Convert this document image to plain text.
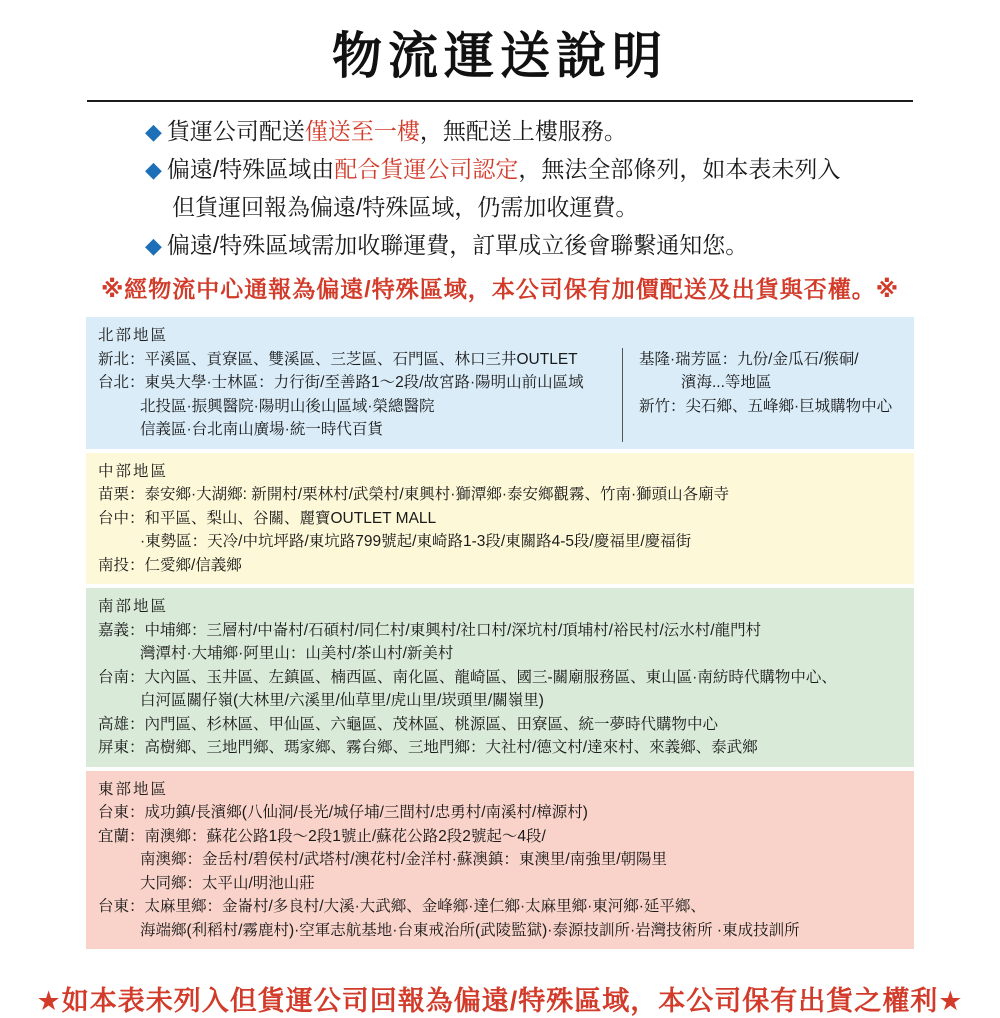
物流運送說明
◆ 貨運公司配送僅送至一樓，無配送上樓服務。
◆ 偏遠/特殊區域由配合貨運公司認定，無法全部條列，如本表未列入
但貨運回報為偏遠/特殊區域，仍需加收運費。
◆ 偏遠/特殊區域需加收聯運費，訂單成立後會聯繫通知您。
※經物流中心通報為偏遠/特殊區域，本公司保有加價配送及出貨與否權。※
北部地區
新北：平溪區、貢寮區、雙溪區、三芝區、石門區、林口三井OUTLET
台北：東吳大學·士林區：力行街/至善路1～2段/故宮路·陽明山前山區域
北投區·振興醫院·陽明山後山區域·榮總醫院
信義區·台北南山廣場·統一時代百貨
基隆·瑞芳區：九份/金瓜石/猴硐/
濱海...等地區
新竹：尖石鄉、五峰鄉·巨城購物中心
中部地區
苗栗：泰安鄉·大湖鄉: 新開村/栗林村/武榮村/東興村·獅潭鄉·泰安鄉觀霧、竹南·獅頭山各廟寺
台中：和平區、梨山、谷關、麗寶OUTLET MALL
·東勢區：天冷/中坑坪路/東坑路799號起/東崎路1-3段/東關路4-5段/慶福里/慶福街
南投：仁愛鄉/信義鄉
南部地區
嘉義：中埔鄉：三層村/中崙村/石碩村/同仁村/東興村/社口村/深坑村/頂埔村/裕民村/沄水村/龍門村
灣潭村·大埔鄉·阿里山：山美村/茶山村/新美村
台南：大內區、玉井區、左鎮區、楠西區、南化區、龍崎區、國三-關廟服務區、東山區·南紡時代購物中心、
白河區關仔嶺(大林里/六溪里/仙草里/虎山里/崁頭里/關嶺里)
高雄：內門區、杉林區、甲仙區、六龜區、茂林區、桃源區、田寮區、統一夢時代購物中心
屏東：高樹鄉、三地門鄉、瑪家鄉、霧台鄉、三地門鄉：大社村/德文村/達來村、來義鄉、泰武鄉
東部地區
台東：成功鎮/長濱鄉(八仙洞/長光/城仔埔/三間村/忠勇村/南溪村/樟源村)
宜蘭：南澳鄉：蘇花公路1段～2段1號止/蘇花公路2段2號起～4段/
南澳鄉：金岳村/碧侯村/武塔村/澳花村/金洋村·蘇澳鎮：東澳里/南強里/朝陽里
大同鄉：太平山/明池山莊
台東：太麻里鄉：金崙村/多良村/大溪·大武鄉、金峰鄉·達仁鄉·太麻里鄉·東河鄉·延平鄉、
海端鄉(利稻村/霧鹿村)·空軍志航基地·台東戒治所(武陵監獄)·泰源技訓所·岩灣技術所 ·東成技訓所
★如本表未列入但貨運公司回報為偏遠/特殊區域，本公司保有出貨之權利★
